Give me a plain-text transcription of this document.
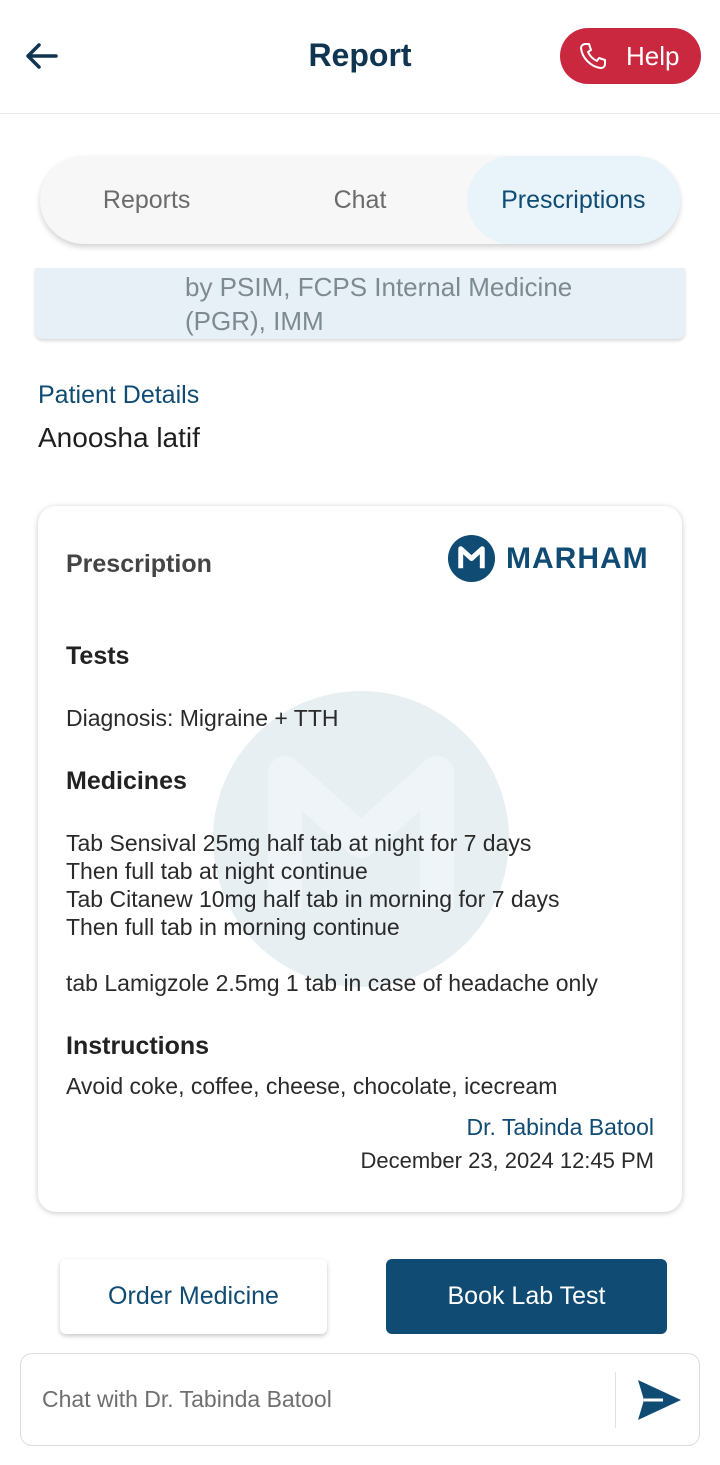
Report	Help
Reports	Chat	Prescriptions
by PSIM, FCPS Internal Medicine
(PGR), IMM
Patient Details
Anoosha latif
Prescription	MARHAM
Tests
Diagnosis: Migraine + TTH
Medicines
Tab Sensival 25mg half tab at night for 7 days
Then full tab at night continue
Tab Citanew 10mg half tab in morning for 7 days
Then full tab in morning continue
tab Lamigzole 2.5mg 1 tab in case of headache only
Instructions
Avoid coke, coffee, cheese, chocolate, icecream
Dr. Tabinda Batool
December 23, 2024 12:45 PM
Order Medicine	Book Lab Test
Chat with Dr. Tabinda Batool
